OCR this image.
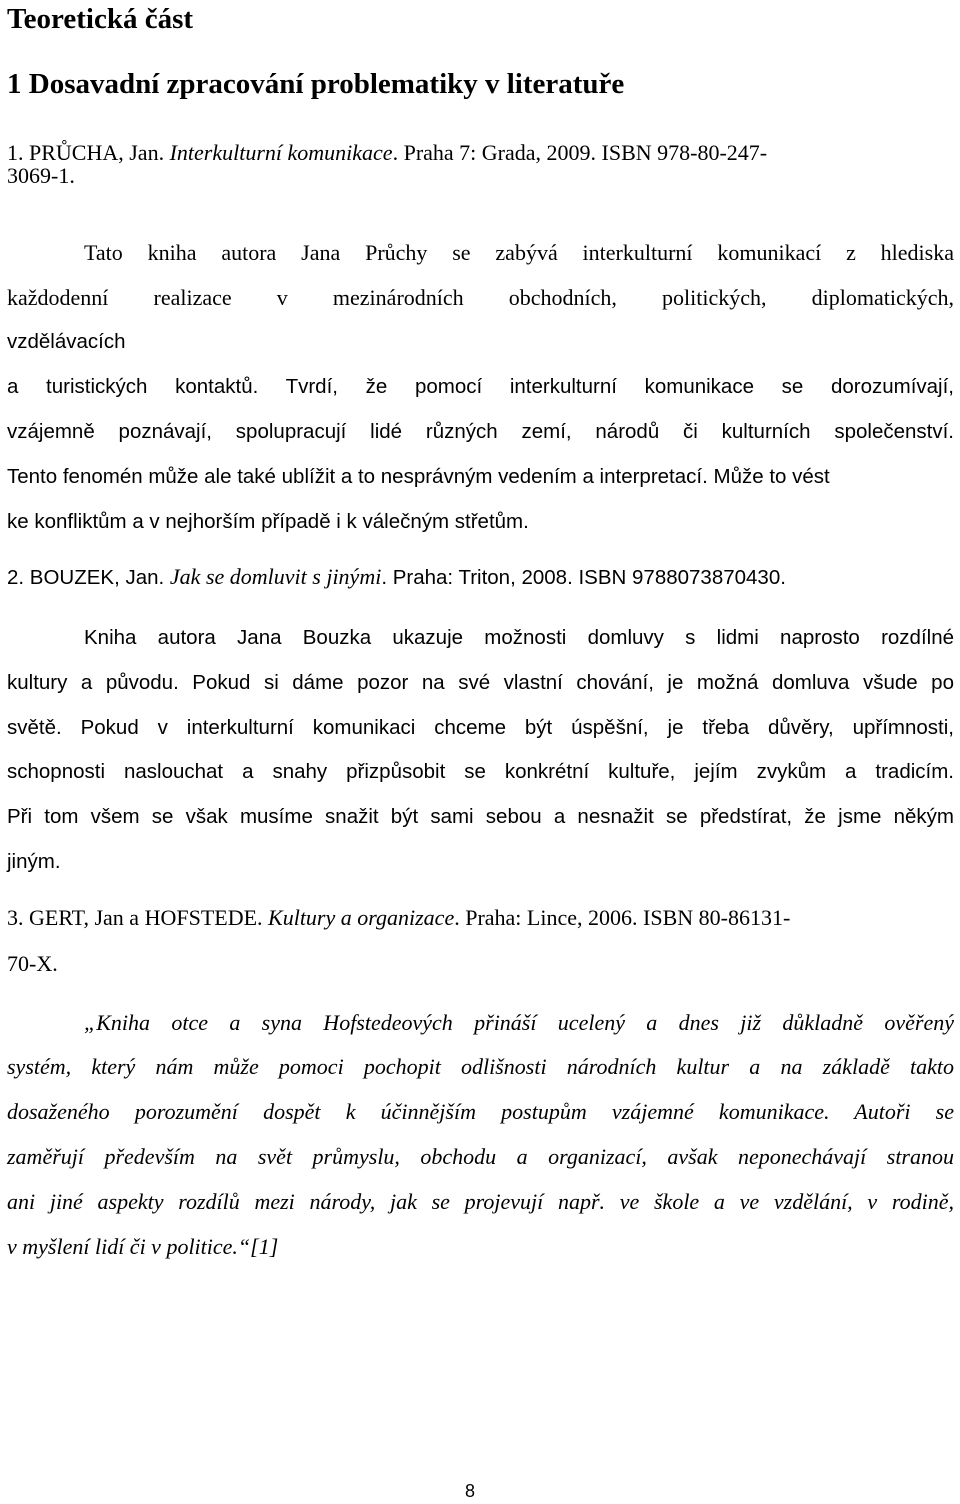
Teoretická část
1 Dosavadní zpracování problematiky v literatuře
1. PRŮCHA, Jan. Interkulturní komunikace. Praha 7: Grada, 2009. ISBN 978-80-247-
3069-1.
Tato kniha autora Jana Průchy se zabývá interkulturní komunikací z hlediska
každodenní realizace v mezinárodních obchodních, politických, diplomatických,
vzdělávacích
a turistických kontaktů. Tvrdí, že pomocí interkulturní komunikace se dorozumívají,
vzájemně poznávají, spolupracují lidé různých zemí, národů či kulturních společenství.
Tento fenomén může ale také ublížit a to nesprávným vedením a interpretací. Může to vést
ke konfliktům a v nejhorším případě i k válečným střetům.
2. BOUZEK, Jan. Jak se domluvit s jinými. Praha: Triton, 2008. ISBN 9788073870430.
Kniha autora Jana Bouzka ukazuje možnosti domluvy s lidmi naprosto rozdílné
kultury a původu. Pokud si dáme pozor na své vlastní chování, je možná domluva všude po
světě. Pokud v interkulturní komunikaci chceme být úspěšní, je třeba důvěry, upřímnosti,
schopnosti naslouchat a snahy přizpůsobit se konkrétní kultuře, jejím zvykům a tradicím.
Při tom všem se však musíme snažit být sami sebou a nesnažit se předstírat, že jsme někým
jiným.
3. GERT, Jan a HOFSTEDE. Kultury a organizace. Praha: Lince, 2006. ISBN 80-86131-
70-X.
„Kniha otce a syna Hofstedeových přináší ucelený a dnes již důkladně ověřený
systém, který nám může pomoci pochopit odlišnosti národních kultur a na základě takto
dosaženého porozumění dospět k účinnějším postupům vzájemné komunikace. Autoři se
zaměřují především na svět průmyslu, obchodu a organizací, avšak neponechávají stranou
ani jiné aspekty rozdílů mezi národy, jak se projevují např. ve škole a ve vzdělání, v rodině,
v myšlení lidí či v politice.“[1]
8
